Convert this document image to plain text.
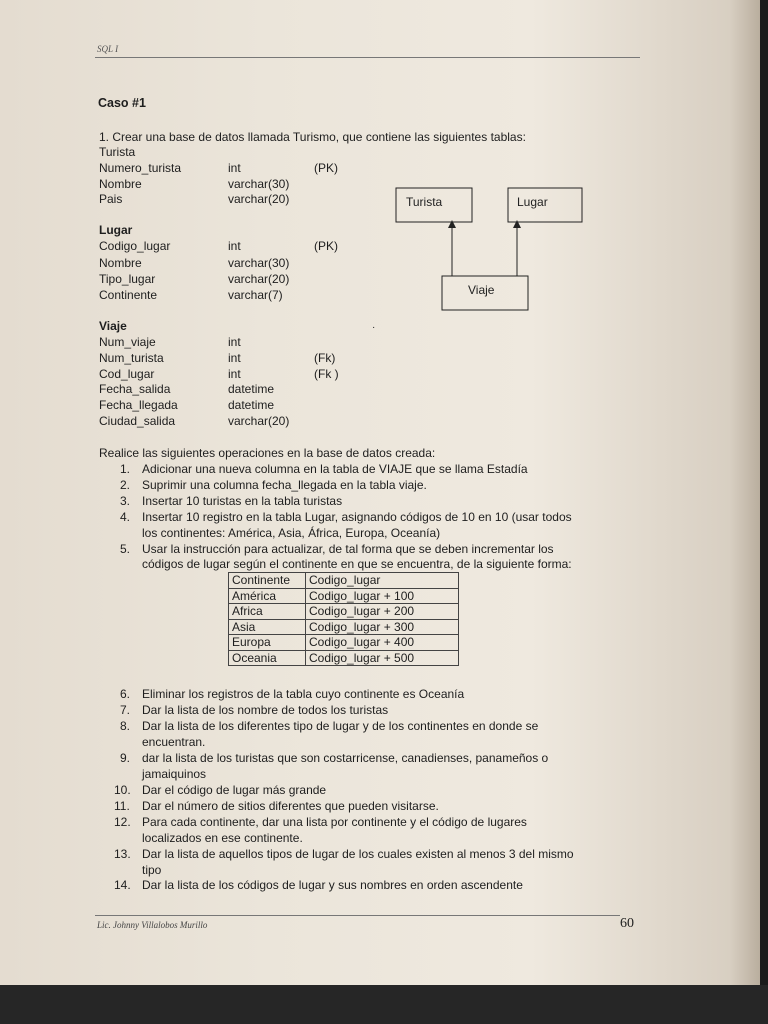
SQL I
Caso #1
1. Crear una base de datos llamada Turismo, que contiene las siguientes tablas:
Turista
Numero_turista	int	(PK)
Nombre	varchar(30)
Pais	varchar(20)
Lugar
Codigo_lugar	int	(PK)
Nombre	varchar(30)
Tipo_lugar	varchar(20)
Continente	varchar(7)
·
Viaje
Num_viaje	int
Num_turista	int	(Fk)
Cod_lugar	int	(Fk )
Fecha_salida	datetime
Fecha_llegada	datetime
Ciudad_salida	varchar(20)
Turista	Lugar
Viaje
Realice las siguientes operaciones en la base de datos creada:
1. Adicionar una nueva columna en la tabla de VIAJE que se llama Estadía
2. Suprimir una columna fecha_llegada en la tabla viaje.
3. Insertar 10 turistas en la tabla turistas
4. Insertar 10 registro en la tabla Lugar, asignando códigos de 10 en 10 (usar todos
los continentes: América, Asia, África, Europa, Oceanía)
5. Usar la instrucción para actualizar, de tal forma que se deben incrementar los
códigos de lugar según el continente en que se encuentra, de la siguiente forma:
Continente	Codigo_lugar
América	Codigo_lugar + 100
Africa	Codigo_lugar + 200
Asia	Codigo_lugar + 300
Europa	Codigo_lugar + 400
Oceania	Codigo_lugar + 500
6. Eliminar los registros de la tabla cuyo continente es Oceanía
7. Dar la lista de los nombre de todos los turistas
8. Dar la lista de los diferentes tipo de lugar y de los continentes en donde se
encuentran.
9. dar la lista de los turistas que son costarricense, canadienses, panameños o
jamaiquinos
10. Dar el código de lugar más grande
11. Dar el número de sitios diferentes que pueden visitarse.
12. Para cada continente, dar una lista por continente y el código de lugares
localizados en ese continente.
13. Dar la lista de aquellos tipos de lugar de los cuales existen al menos 3 del mismo
tipo
14. Dar la lista de los códigos de lugar y sus nombres en orden ascendente
Lic. Johnny Villalobos Murillo	60
